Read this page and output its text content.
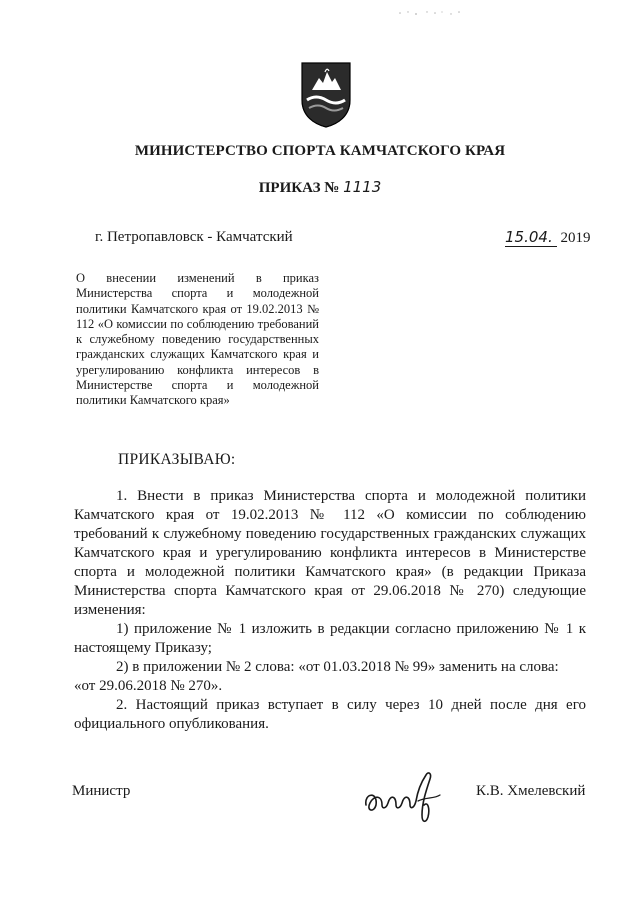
МИНИСТЕРСТВО СПОРТА КАМЧАТСКОГО КРАЯ
ПРИКАЗ № 1113
г. Петропавловск - Камчатский	15.04. 2019
О внесении изменений в приказ Министерства спорта и молодежной политики Камчатского края от 19.02.2013 № 112 «О комиссии по соблюдению требований к служебному поведению государственных гражданских служащих Камчатского края и урегулированию конфликта интересов в Министерстве спорта и молодежной политики Камчатского края»
ПРИКАЗЫВАЮ:

1. Внести в приказ Министерства спорта и молодежной политики Камчатского края от 19.02.2013 № 112 «О комиссии по соблюдению требований к служебному поведению государственных гражданских служащих Камчатского края и урегулированию конфликта интересов в Министерстве спорта и молодежной политики Камчатского края» (в редакции Приказа Министерства спорта Камчатского края от 29.06.2018 № 270) следующие изменения:

1) приложение № 1 изложить в редакции согласно приложению № 1 к настоящему Приказу;

2) в приложении № 2 слова: «от 01.03.2018 № 99» заменить на слова:

«от 29.06.2018 № 270».

2. Настоящий приказ вступает в силу через 10 дней после дня его официального опубликования.

Министр	К.В. Хмелевский
